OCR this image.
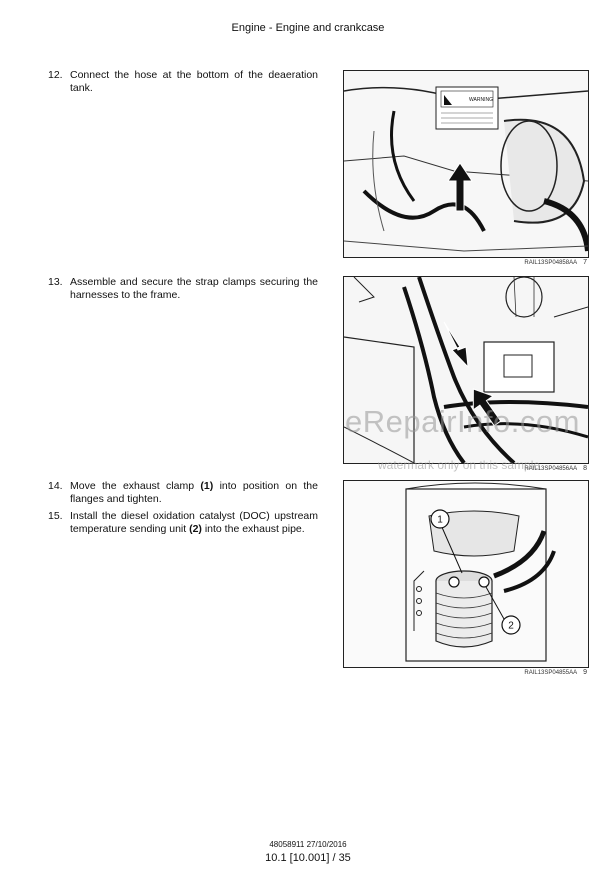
Engine - Engine and crankcase
12. Connect the hose at the bottom of the deaeration tank.
WARNING
RAIL13SP04858AA 7
13. Assemble and secure the strap clamps securing the harnesses to the frame.
RAIL13SP04856AA 8
14. Move the exhaust clamp (1) into position on the flanges and tighten.
15. Install the diesel oxidation catalyst (DOC) upstream temperature sending unit (2) into the exhaust pipe.
1
2
RAIL13SP04855AA 9
eRepairInfo.com
watermark only on this sample
48058911 27/10/2016
10.1 [10.001] / 35
